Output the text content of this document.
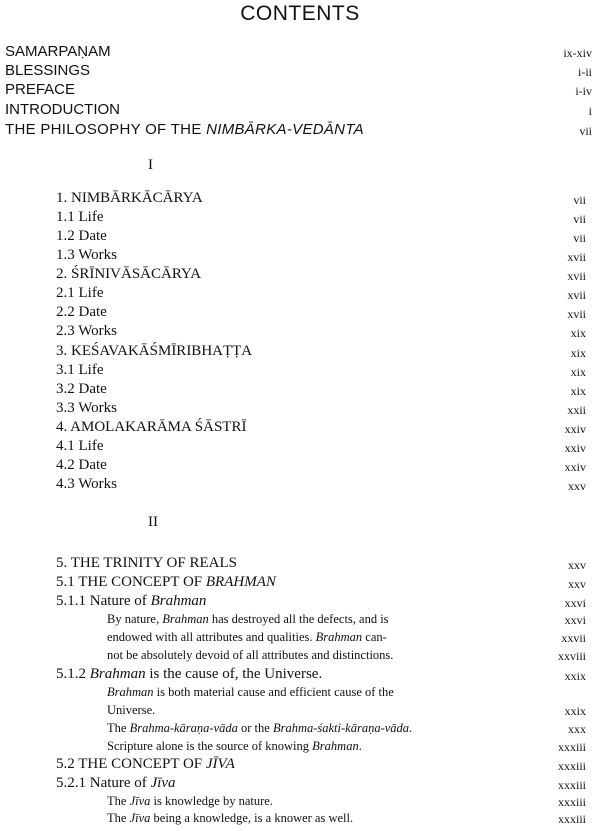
CONTENTS
SAMARPAṆAM	ix-xiv
BLESSINGS	i-ii
PREFACE	i-iv
INTRODUCTION	i
THE PHILOSOPHY OF THE NIMBĀRKA-VEDĀNTA	vii
I
1. NIMBĀRKĀCĀRYA	vii
1.1 Life	vii
1.2 Date	vii
1.3 Works	xvii
2. ŚRĪNIVĀSĀCĀRYA	xvii
2.1 Life	xvii
2.2 Date	xvii
2.3 Works	xix
3. KEŚAVAKĀŚMĪRIBHAṬṬA	xix
3.1 Life	xix
3.2 Date	xix
3.3 Works	xxii
4. AMOLAKARĀMA ŚĀSTRĪ	xxiv
4.1 Life	xxiv
4.2 Date	xxiv
4.3 Works	xxv
II
5. THE TRINITY OF REALS	xxv
5.1 THE CONCEPT OF BRAHMAN	xxv
5.1.1 Nature of Brahman	xxvi
By nature, Brahman has destroyed all the defects, and is	xxvi
endowed with all attributes and qualities. Brahman can-	xxvii
not be absolutely devoid of all attributes and distinctions.	xxviii
5.1.2 Brahman is the cause of, the Universe.	xxix
Brahman is both material cause and efficient cause of the
Universe.	xxix
The Brahma-kāraṇa-vāda or the Brahma-śakti-kāraṇa-vāda.	xxx
Scripture alone is the source of knowing Brahman.	xxxiii
5.2 THE CONCEPT OF JĪVA	xxxiii
5.2.1 Nature of Jīva	xxxiii
The Jīva is knowledge by nature.	xxxiii
The Jīva being a knowledge, is a knower as well.	xxxiii
